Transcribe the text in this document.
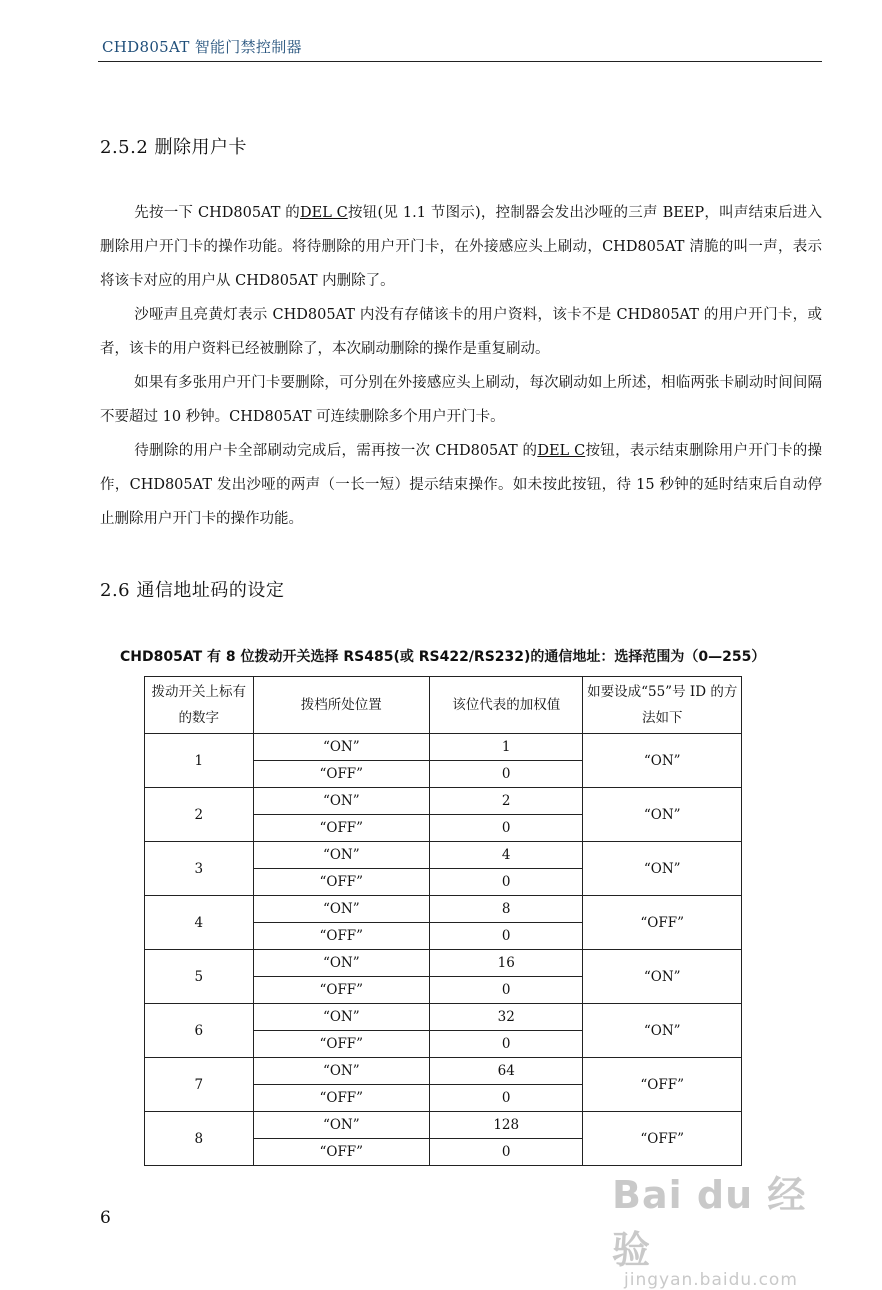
CHD805AT 智能门禁控制器
2.5.2 删除用户卡
先按一下 CHD805AT 的DEL C按钮(见 1.1 节图示)，控制器会发出沙哑的三声 BEEP，叫声结束后进入删除用户开门卡的操作功能。将待删除的用户开门卡，在外接感应头上刷动，CHD805AT 清脆的叫一声，表示将该卡对应的用户从 CHD805AT 内删除了。
沙哑声且亮黄灯表示 CHD805AT 内没有存储该卡的用户资料，该卡不是 CHD805AT 的用户开门卡，或者，该卡的用户资料已经被删除了，本次刷动删除的操作是重复刷动。
如果有多张用户开门卡要删除，可分别在外接感应头上刷动，每次刷动如上所述，相临两张卡刷动时间间隔不要超过 10 秒钟。CHD805AT 可连续删除多个用户开门卡。
待删除的用户卡全部刷动完成后，需再按一次 CHD805AT 的DEL C按钮，表示结束删除用户开门卡的操作，CHD805AT 发出沙哑的两声（一长一短）提示结束操作。如未按此按钮，待 15 秒钟的延时结束后自动停止删除用户开门卡的操作功能。
2.6 通信地址码的设定
CHD805AT 有 8 位拨动开关选择 RS485(或 RS422/RS232)的通信地址：选择范围为（0—255）
拨动开关上标有的数字	拨档所处位置	该位代表的加权值	如要设成“55”号 ID 的方法如下
1	“ON”	1	“ON”
	“OFF”	0	
2	“ON”	2	“ON”
	“OFF”	0	
3	“ON”	4	“ON”
	“OFF”	0	
4	“ON”	8	“OFF”
	“OFF”	0	
5	“ON”	16	“ON”
	“OFF”	0	
6	“ON”	32	“ON”
	“OFF”	0	
7	“ON”	64	“OFF”
	“OFF”	0	
8	“ON”	128	“OFF”
	“OFF”	0	
6
Bai du 经验
jingyan.baidu.com
